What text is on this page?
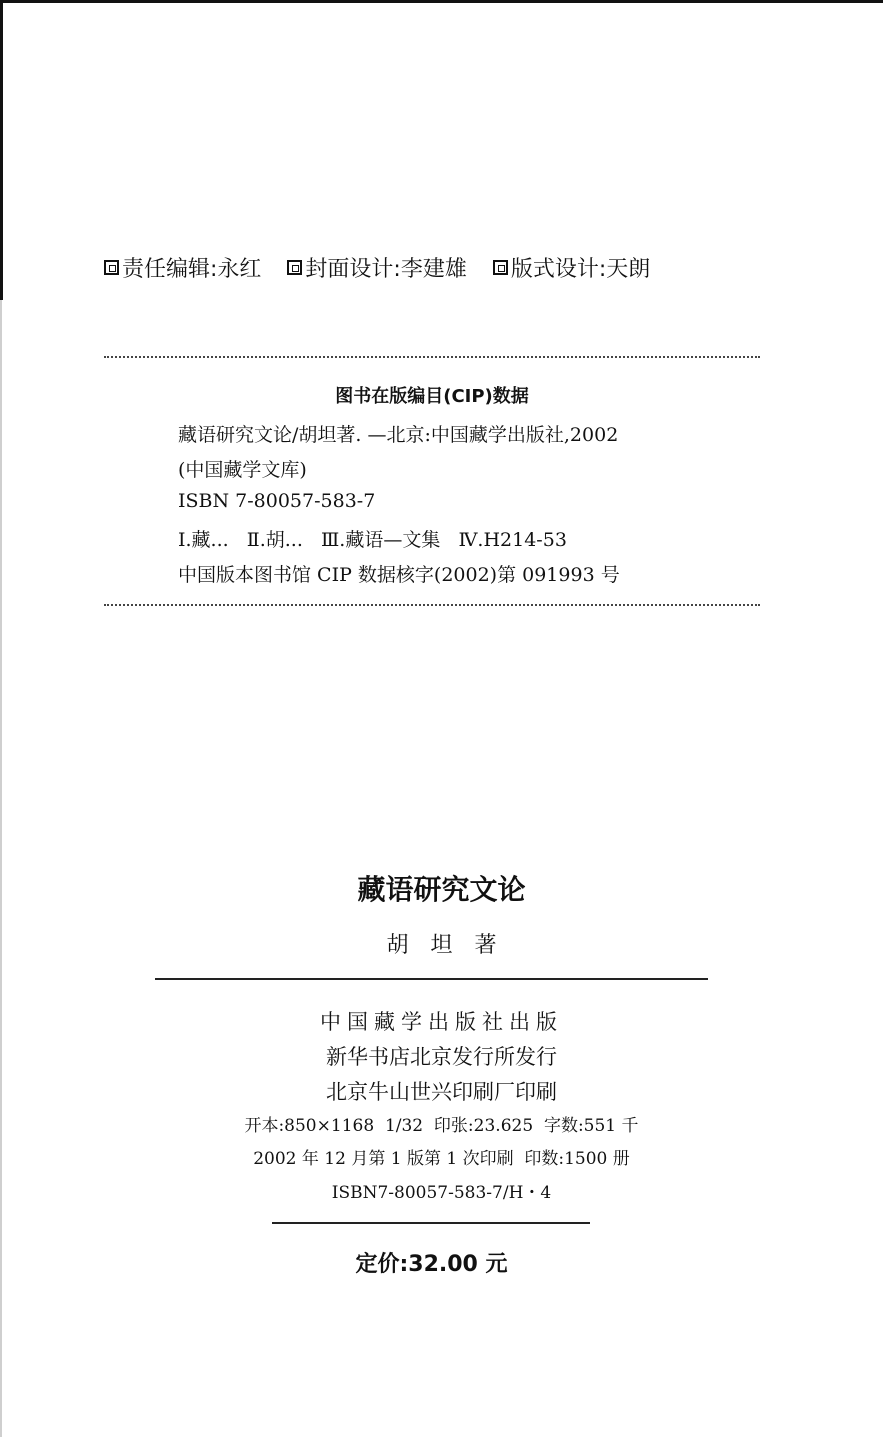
责任编辑:永红 封面设计:李建雄 版式设计:天朗
图书在版编目(CIP)数据
藏语研究文论/胡坦著. —北京:中国藏学出版社,2002
(中国藏学文库)
ISBN 7-80057-583-7
Ⅰ.藏...   Ⅱ.胡...   Ⅲ.藏语—文集   Ⅳ.H214-53
中国版本图书馆 CIP 数据核字(2002)第 091993 号
藏语研究文论
胡坦著
中国藏学出版社出版
新华书店北京发行所发行
北京牛山世兴印刷厂印刷
开本:850×1168  1/32  印张:23.625  字数:551 千
2002 年 12 月第 1 版第 1 次印刷  印数:1500 册
ISBN7-80057-583-7/H・4
定价:32.00 元
